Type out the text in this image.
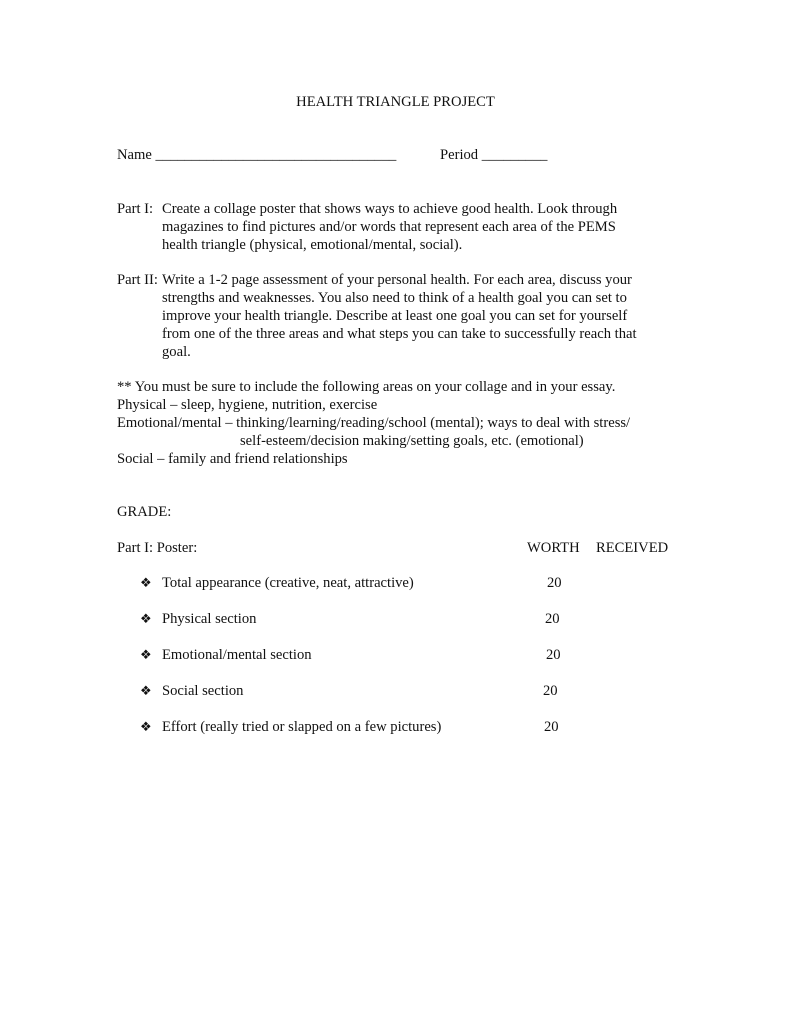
HEALTH TRIANGLE PROJECT
Name _________________________________	Period _________
Part I: Create a collage poster that shows ways to achieve good health. Look through
magazines to find pictures and/or words that represent each area of the PEMS
health triangle (physical, emotional/mental, social).
Part II: Write a 1-2 page assessment of your personal health. For each area, discuss your
strengths and weaknesses. You also need to think of a health goal you can set to
improve your health triangle. Describe at least one goal you can set for yourself
from one of the three areas and what steps you can take to successfully reach that
goal.
** You must be sure to include the following areas on your collage and in your essay.
Physical – sleep, hygiene, nutrition, exercise
Emotional/mental – thinking/learning/reading/school (mental); ways to deal with stress/
self-esteem/decision making/setting goals, etc. (emotional)
Social – family and friend relationships
GRADE:
Part I: Poster:	WORTH RECEIVED
❖ Total appearance (creative, neat, attractive)	20
❖ Physical section	20
❖ Emotional/mental section	20
❖ Social section	20
❖ Effort (really tried or slapped on a few pictures)	20
